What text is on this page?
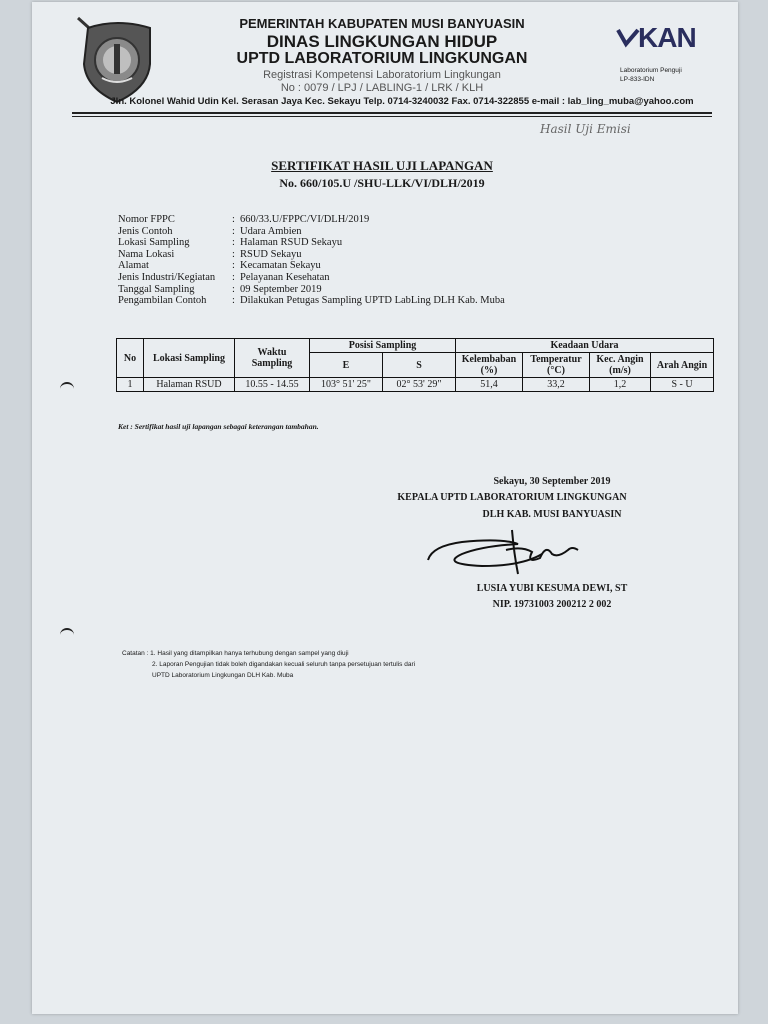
PEMERINTAH KABUPATEN MUSI BANYUASIN
DINAS LINGKUNGAN HIDUP
UPTD LABORATORIUM LINGKUNGAN
Registrasi Kompetensi Laboratorium Lingkungan
No : 0079 / LPJ / LABLING-1 / LRK / KLH
KAN
Laboratorium Penguji
LP-833-IDN
Jln. Kolonel Wahid Udin Kel. Serasan Jaya Kec. Sekayu Telp. 0714-3240032 Fax. 0714-322855 e-mail : lab_ling_muba@yahoo.com
Hasil Uji Emisi
SERTIFIKAT HASIL UJI LAPANGAN
No. 660/105.U /SHU-LLK/VI/DLH/2019
Nomor FPPC	: 660/33.U/FPPC/VI/DLH/2019
Jenis Contoh	: Udara Ambien
Lokasi Sampling	: Halaman RSUD Sekayu
Nama Lokasi	: RSUD Sekayu
Alamat	: Kecamatan Sekayu
Jenis Industri/Kegiatan	: Pelayanan Kesehatan
Tanggal Sampling	: 09 September 2019
Pengambilan Contoh	: Dilakukan Petugas Sampling UPTD LabLing DLH Kab. Muba
No	Lokasi Sampling	Waktu Sampling	Posisi Sampling		Keadaan Udara			
			E	S	Kelembaban (%)	Temperatur (°C)	Kec. Angin (m/s)	Arah Angin
1	Halaman RSUD	10.55 - 14.55	103° 51' 25"	02° 53' 29"	51,4	33,2	1,2	S - U
Ket : Sertifikat hasil uji lapangan sebagai keterangan tambahan.
Sekayu, 30 September 2019
KEPALA UPTD LABORATORIUM LINGKUNGAN
DLH KAB. MUSI BANYUASIN
LUSIA YUBI KESUMA DEWI, ST
NIP. 19731003 200212 2 002
Catatan : 1. Hasil yang ditampilkan hanya terhubung dengan sampel yang diuji
2. Laporan Pengujian tidak boleh digandakan kecuali seluruh tanpa persetujuan tertulis dari
UPTD Laboratorium Lingkungan DLH Kab. Muba
